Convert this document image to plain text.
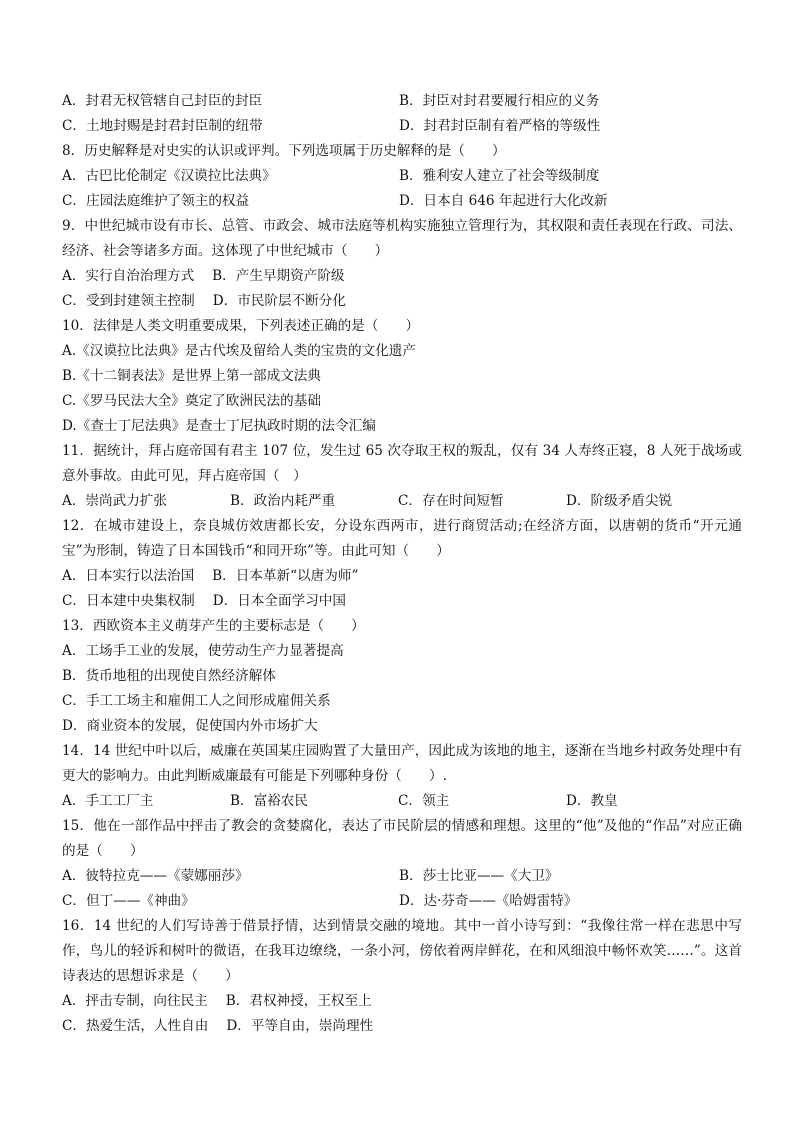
A．封君无权管辖自己封臣的封臣	B．封臣对封君要履行相应的义务
C．土地封赐是封君封臣制的纽带	D．封君封臣制有着严格的等级性
8．历史解释是对史实的认识或评判。下列选项属于历史解释的是（　　）
A．古巴比伦制定《汉谟拉比法典》	B．雅利安人建立了社会等级制度
C．庄园法庭维护了领主的权益	D．日本自 646 年起进行大化改新
9．中世纪城市设有市长、总管、市政会、城市法庭等机构实施独立管理行为，其权限和责任表现在行政、司法、经济、社会等诸多方面。这体现了中世纪城市（　　）
A．实行自治治理方式 B．产生早期资产阶级
C．受到封建领主控制 D．市民阶层不断分化
10．法律是人类文明重要成果，下列表述正确的是（　　）
A.《汉谟拉比法典》是古代埃及留给人类的宝贵的文化遗产
B.《十二铜表法》是世界上第一部成文法典
C.《罗马民法大全》奠定了欧洲民法的基础
D.《查士丁尼法典》是查士丁尼执政时期的法令汇编
11．据统计，拜占庭帝国有君主 107 位，发生过 65 次夺取王权的叛乱，仅有 34 人寿终正寝，8 人死于战场或意外事故。由此可见，拜占庭帝国（　）
A．崇尚武力扩张	B．政治内耗严重	C．存在时间短暂	D．阶级矛盾尖锐
12．在城市建设上，奈良城仿效唐都长安，分设东西两市，进行商贸活动;在经济方面，以唐朝的货币“开元通宝”为形制，铸造了日本国钱币“和同开珎”等。由此可知（　　）
A．日本实行以法治国 B．日本革新“以唐为师”
C．日本建中央集权制 D．日本全面学习中国
13．西欧资本主义萌芽产生的主要标志是（　　）
A．工场手工业的发展，使劳动生产力显著提高
B．货币地租的出现使自然经济解体
C．手工工场主和雇佣工人之间形成雇佣关系
D．商业资本的发展，促使国内外市场扩大
14．14 世纪中叶以后，威廉在英国某庄园购置了大量田产，因此成为该地的地主，逐渐在当地乡村政务处理中有更大的影响力。由此判断威廉最有可能是下列哪种身份（　　）.
A．手工工厂主	B．富裕农民	C．领主	D．教皇
15．他在一部作品中抨击了教会的贪婪腐化，表达了市民阶层的情感和理想。这里的“他”及他的“作品”对应正确的是（　　）
A．彼特拉克——《蒙娜丽莎》	B．莎士比亚——《大卫》
C．但丁——《神曲》	D．达·芬奇——《哈姆雷特》
16．14 世纪的人们写诗善于借景抒情，达到情景交融的境地。其中一首小诗写到：“我像往常一样在悲思中写作，鸟儿的轻诉和树叶的微语，在我耳边缭绕，一条小河，傍依着两岸鲜花，在和风细浪中畅怀欢笑……”。这首诗表达的思想诉求是（　　）
A．抨击专制，向往民主 B．君权神授，王权至上
C．热爱生活，人性自由 D．平等自由，崇尚理性
